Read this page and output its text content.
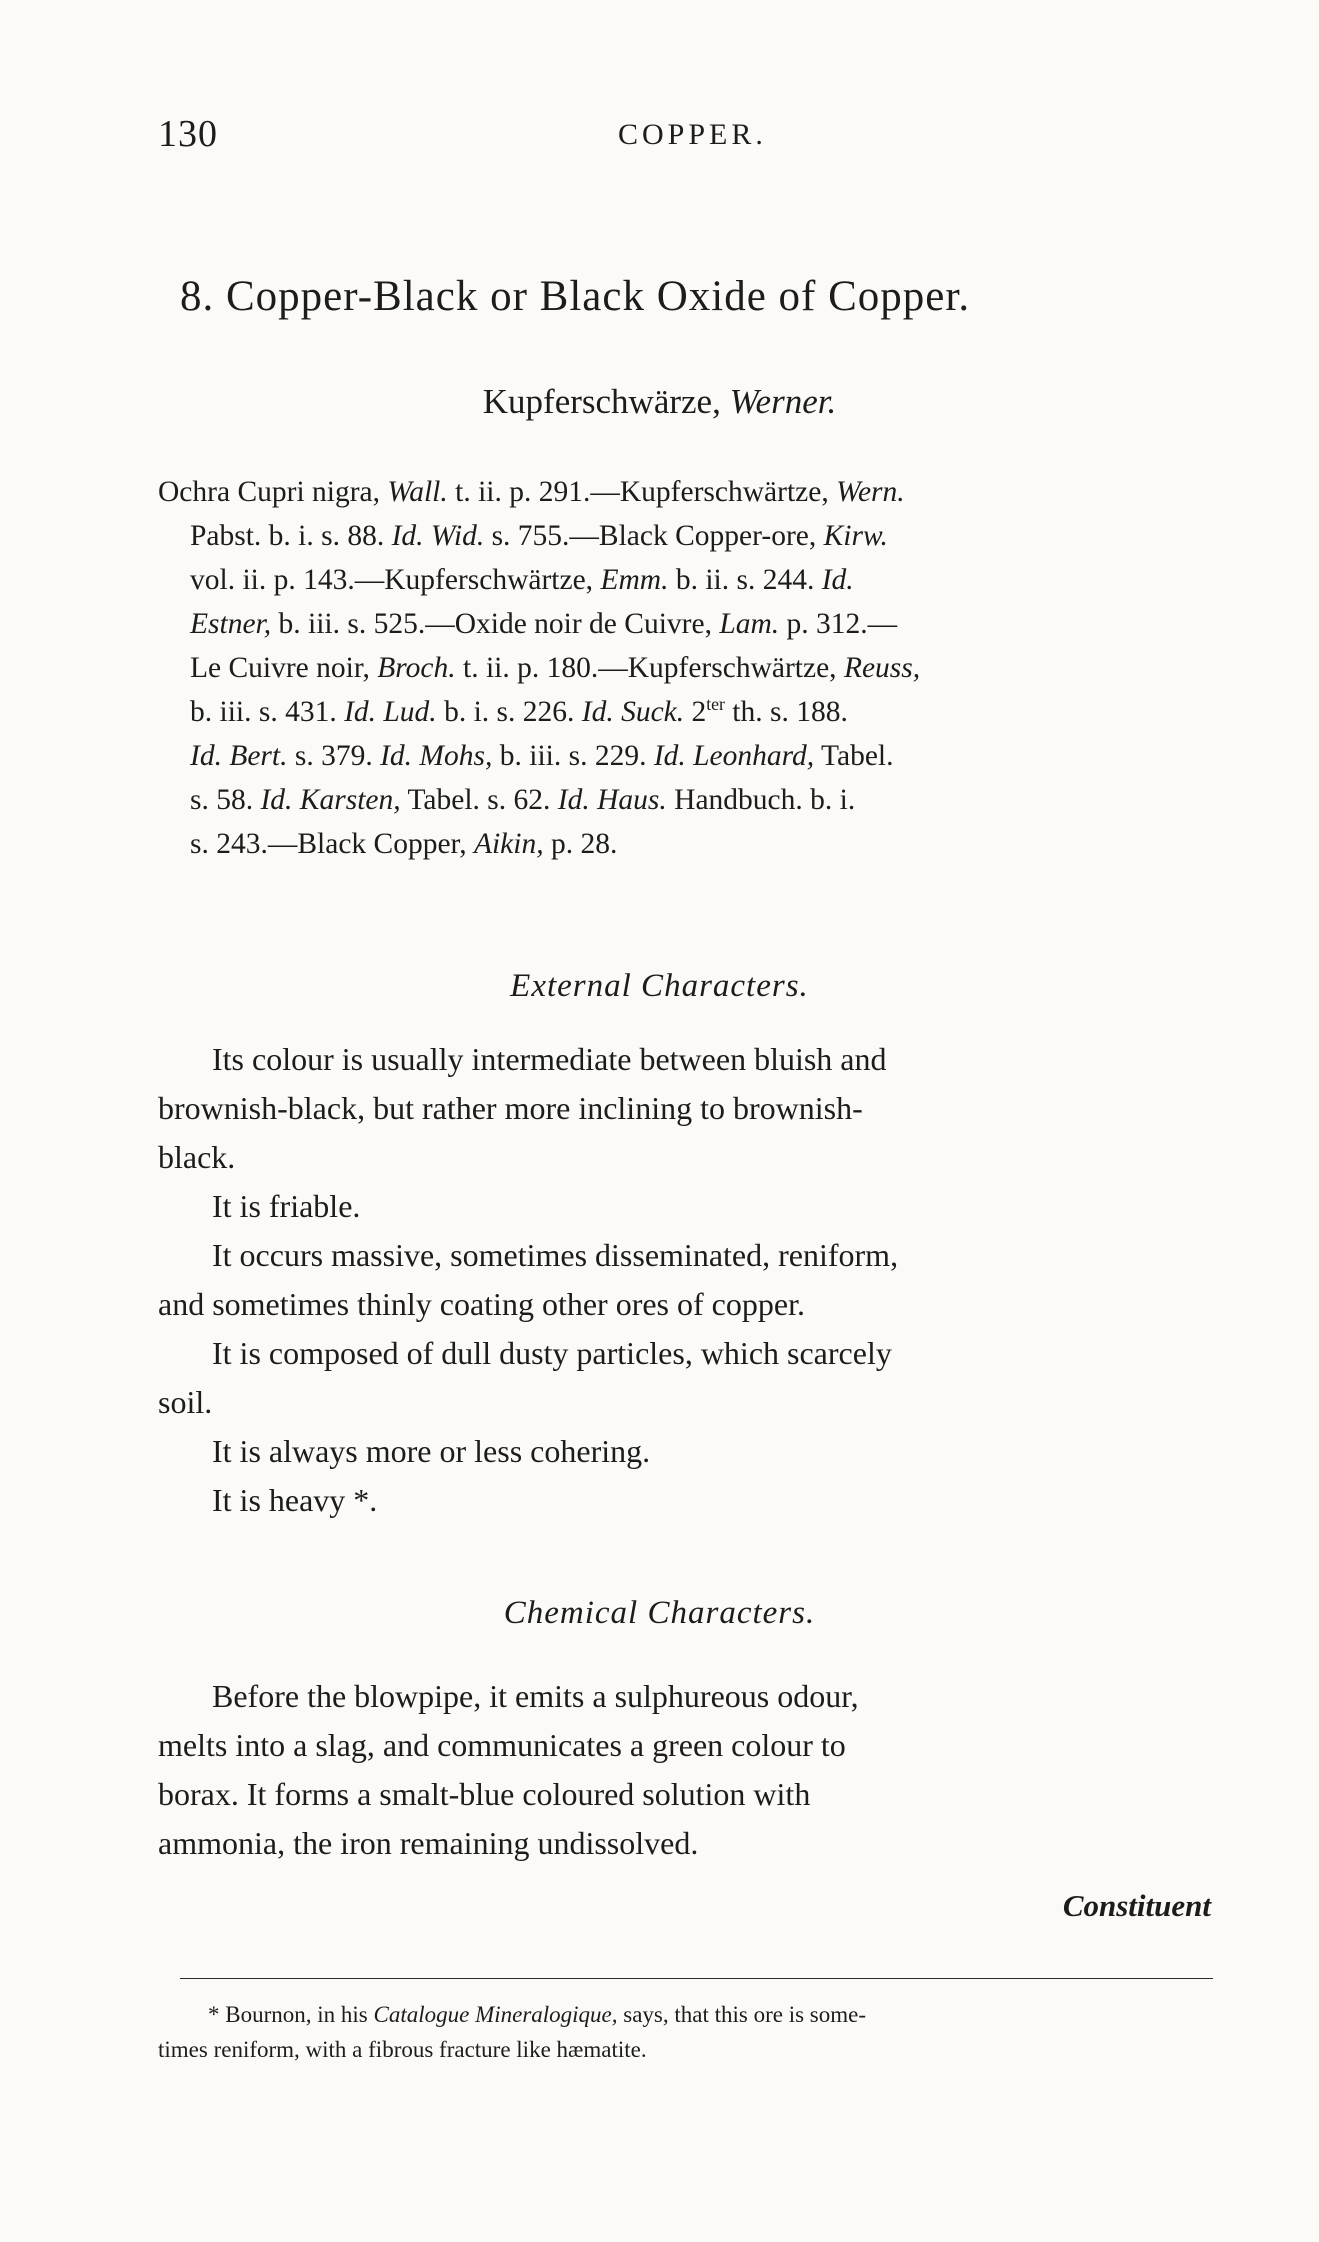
130	COPPER.
8. Copper-Black or Black Oxide of Copper.
Kupferschwärze, Werner.
Ochra Cupri nigra, Wall. t. ii. p. 291.—Kupferschwärtze, Wern.
Pabst. b. i. s. 88. Id. Wid. s. 755.—Black Copper-ore, Kirw.
vol. ii. p. 143.—Kupferschwärtze, Emm. b. ii. s. 244. Id.
Estner, b. iii. s. 525.—Oxide noir de Cuivre, Lam. p. 312.—
Le Cuivre noir, Broch. t. ii. p. 180.—Kupferschwärtze, Reuss,
b. iii. s. 431. Id. Lud. b. i. s. 226. Id. Suck. $2^{ter}$ th. s. 188.
Id. Bert. s. 379. Id. Mohs, b. iii. s. 229. Id. Leonhard, Tabel.
s. 58. Id. Karsten, Tabel. s. 62. Id. Haus. Handbuch. b. i.
s. 243.—Black Copper, Aikin, p. 28.
External Characters.
Its colour is usually intermediate between bluish and
brownish-black, but rather more inclining to brownish-
black.
It is friable.
It occurs massive, sometimes disseminated, reniform,
and sometimes thinly coating other ores of copper.
It is composed of dull dusty particles, which scarcely
soil.
It is always more or less cohering.
It is heavy *.
Chemical Characters.
Before the blowpipe, it emits a sulphureous odour,
melts into a slag, and communicates a green colour to
borax. It forms a smalt-blue coloured solution with
ammonia, the iron remaining undissolved.
Constituent
* Bournon, in his Catalogue Mineralogique, says, that this ore is some-
times reniform, with a fibrous fracture like hæmatite.
